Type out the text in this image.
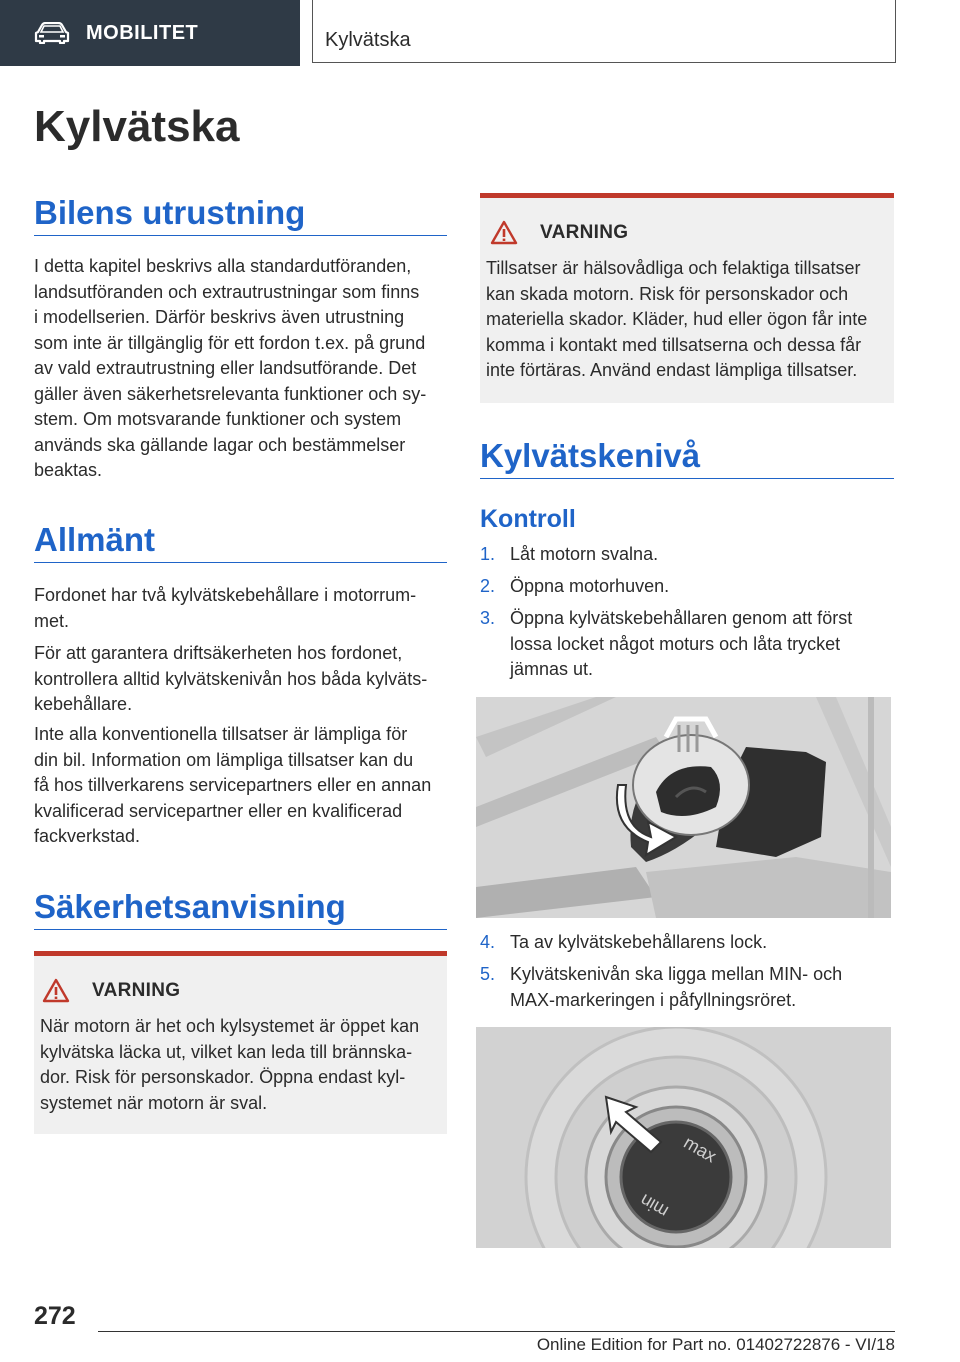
MOBILITET	Kylvätska
Kylvätska
Bilens utrustning
I detta kapitel beskrivs alla standardutföranden,
landsutföranden och extrautrustningar som finns
i modellserien. Därför beskrivs även utrustning
som inte är tillgänglig för ett fordon t.ex. på grund
av vald extrautrustning eller landsutförande. Det
gäller även säkerhetsrelevanta funktioner och sy‐
stem. Om motsvarande funktioner och system
används ska gällande lagar och bestämmelser
beaktas.
Allmänt
Fordonet har två kylvätskebehållare i motorrum‐
met.
För att garantera driftsäkerheten hos fordonet,
kontrollera alltid kylvätskenivån hos båda kylväts‐
kebehållare.
Inte alla konventionella tillsatser är lämpliga för
din bil. Information om lämpliga tillsatser kan du
få hos tillverkarens servicepartners eller en annan
kvalificerad servicepartner eller en kvalificerad
fackverkstad.
Säkerhetsanvisning
VARNING
När motorn är het och kylsystemet är öppet kan
kylvätska läcka ut, vilket kan leda till brännska‐
dor. Risk för personskador. Öppna endast kyl‐
systemet när motorn är sval.
VARNING
Tillsatser är hälsovådliga och felaktiga tillsatser
kan skada motorn. Risk för personskador och
materiella skador. Kläder, hud eller ögon får inte
komma i kontakt med tillsatserna och dessa får
inte förtäras. Använd endast lämpliga tillsatser.
Kylvätskenivå
Kontroll
1. Låt motorn svalna.
2. Öppna motorhuven.
3. Öppna kylvätskebehållaren genom att först
lossa locket något moturs och låta trycket
jämnas ut.
4. Ta av kylvätskebehållarens lock.
5. Kylvätskenivån ska ligga mellan MIN- och
MAX-markeringen i påfyllningsröret.
max
min
272
Online Edition for Part no. 01402722876 - VI/18
